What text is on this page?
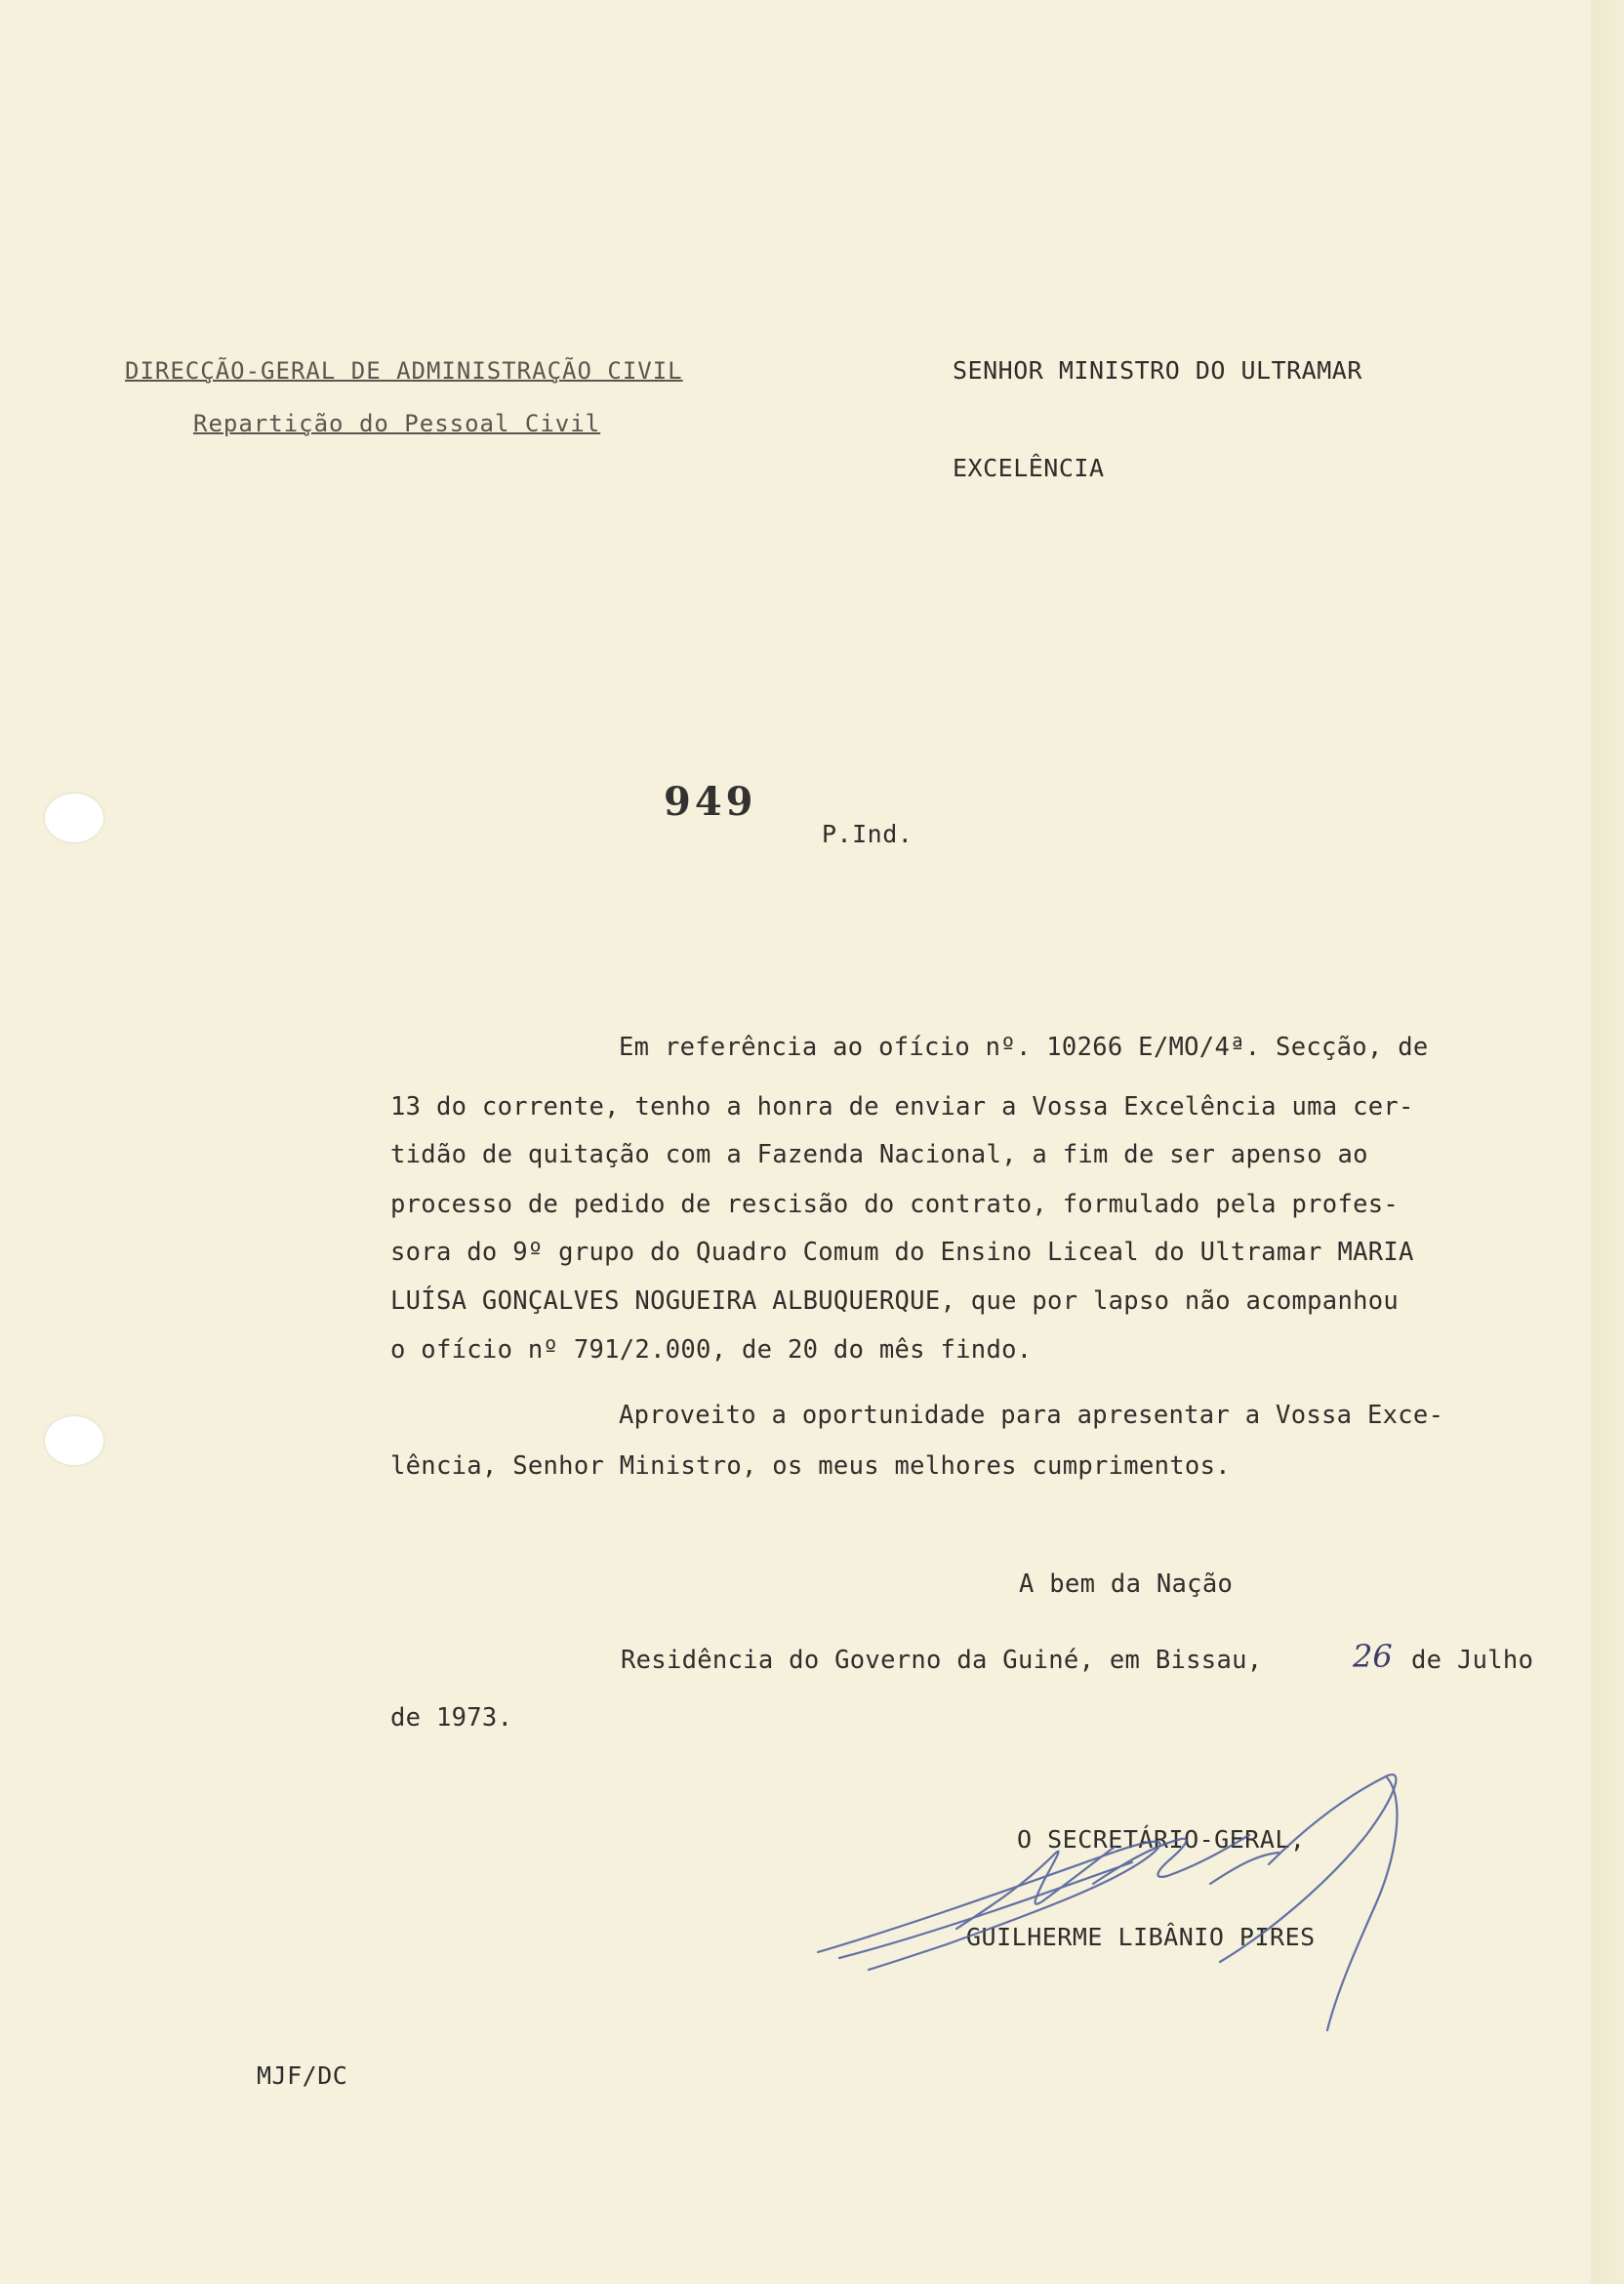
DIRECÇÃO-GERAL DE ADMINISTRAÇÃO CIVIL
Repartição do Pessoal Civil
SENHOR MINISTRO DO ULTRAMAR
EXCELÊNCIA
949
P.Ind.
Em referência ao ofício nº. 10266 E/MO/4ª. Secção, de
13 do corrente, tenho a honra de enviar a Vossa Excelência uma cer-
tidão de quitação com a Fazenda Nacional, a fim de ser apenso ao
processo de pedido de rescisão do contrato, formulado pela profes-
sora do 9º grupo do Quadro Comum do Ensino Liceal do Ultramar MARIA
LUÍSA GONÇALVES NOGUEIRA ALBUQUERQUE, que por lapso não acompanhou
o ofício nº 791/2.000, de 20 do mês findo.
Aproveito a oportunidade para apresentar a Vossa Exce-
lência, Senhor Ministro, os meus melhores cumprimentos.
A bem da Nação
Residência do Governo da Guiné, em Bissau,	26 de Julho
de 1973.
O SECRETÁRIO-GERAL,
GUILHERME LIBÂNIO PIRES
MJF/DC
